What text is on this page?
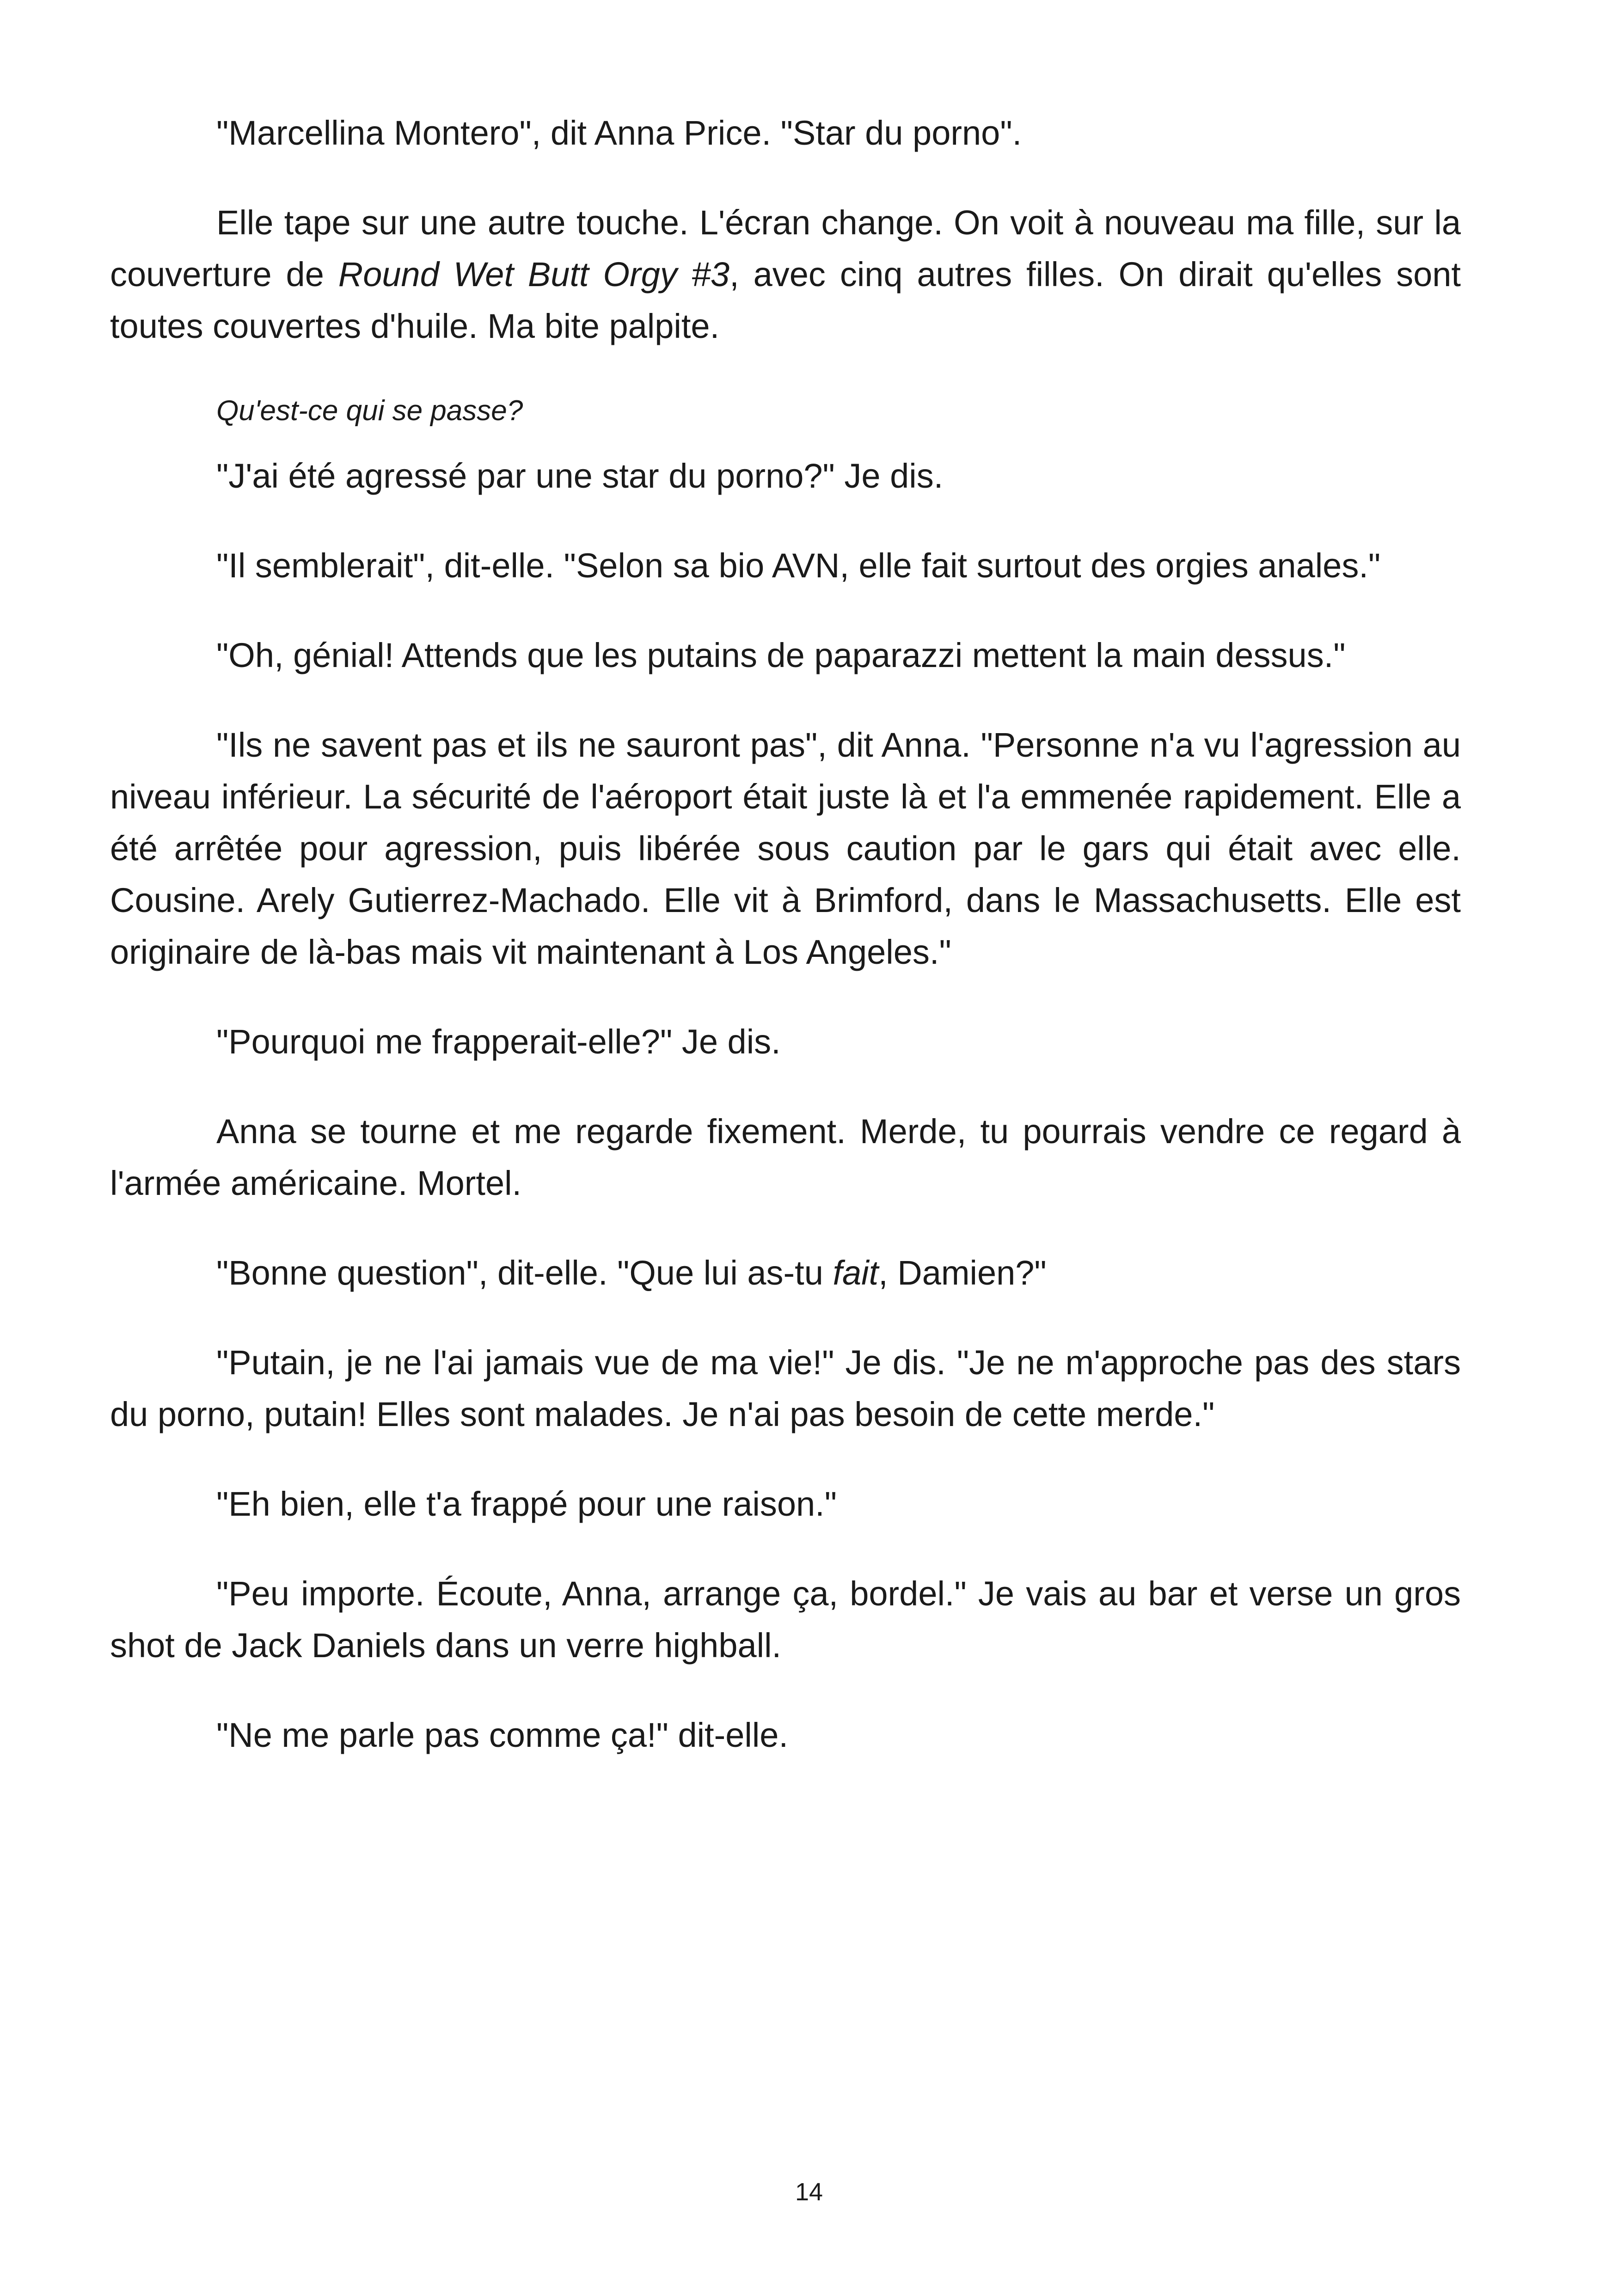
"Marcellina Montero", dit Anna Price. "Star du porno".

Elle tape sur une autre touche. L'écran change. On voit à nouveau ma fille, sur la couverture de Round Wet Butt Orgy #3, avec cinq autres filles. On dirait qu'elles sont toutes couvertes d'huile. Ma bite palpite.

Qu'est-ce qui se passe?

"J'ai été agressé par une star du porno?" Je dis.

"Il semblerait", dit-elle. "Selon sa bio AVN, elle fait surtout des orgies anales."

"Oh, génial! Attends que les putains de paparazzi mettent la main dessus."

"Ils ne savent pas et ils ne sauront pas", dit Anna. "Personne n'a vu l'agression au niveau inférieur. La sécurité de l'aéroport était juste là et l'a emmenée rapidement. Elle a été arrêtée pour agression, puis libérée sous caution par le gars qui était avec elle. Cousine. Arely Gutierrez-Machado. Elle vit à Brimford, dans le Massachusetts. Elle est originaire de là-bas mais vit maintenant à Los Angeles."

"Pourquoi me frapperait-elle?" Je dis.

Anna se tourne et me regarde fixement. Merde, tu pourrais vendre ce regard à l'armée américaine. Mortel.

"Bonne question", dit-elle. "Que lui as-tu fait, Damien?"

"Putain, je ne l'ai jamais vue de ma vie!" Je dis. "Je ne m'approche pas des stars du porno, putain! Elles sont malades. Je n'ai pas besoin de cette merde."

"Eh bien, elle t'a frappé pour une raison."

"Peu importe. Écoute, Anna, arrange ça, bordel." Je vais au bar et verse un gros shot de Jack Daniels dans un verre highball.

"Ne me parle pas comme ça!" dit-elle.

14
